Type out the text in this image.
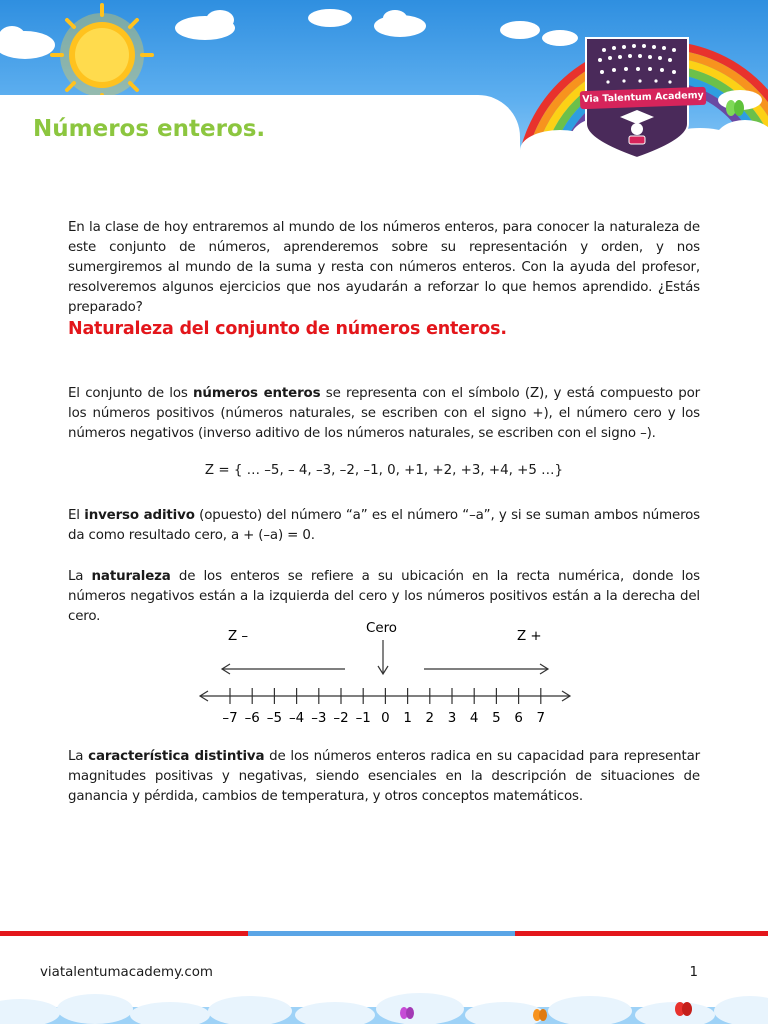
Via Talentum Academy
Números enteros.

En la clase de hoy entraremos al mundo de los números enteros, para conocer la naturaleza de este conjunto de números, aprenderemos sobre su representación y orden, y nos sumergiremos al mundo de la suma y resta con números enteros. Con la ayuda del profesor, resolveremos algunos ejercicios que nos ayudarán a reforzar lo que hemos aprendido. ¿Estás preparado?

Naturaleza del conjunto de números enteros.

El conjunto de los números enteros se representa con el símbolo (Z), y está compuesto por los números positivos (números naturales, se escriben con el signo +), el número cero y los números negativos (inverso aditivo de los números naturales, se escriben con el signo –).

Z = { … –5, – 4, –3, –2, –1, 0, +1, +2, +3, +4, +5 …}

El inverso aditivo (opuesto) del número “a” es el número “–a”, y si se suman ambos números da como resultado cero, a + (–a) = 0.

La naturaleza de los enteros se refiere a su ubicación en la recta numérica, donde los números negativos están a la izquierda del cero y los números positivos están a la derecha del cero.

Z –
Cero
Z +
–7 –6 –5 –4 –3 –2 –1 0 1 2 3 4 5 6 7

La característica distintiva de los números enteros radica en su capacidad para representar magnitudes positivas y negativas, siendo esenciales en la descripción de situaciones de ganancia y pérdida, cambios de temperatura, y otros conceptos matemáticos.

viatalentumacademy.com	1
